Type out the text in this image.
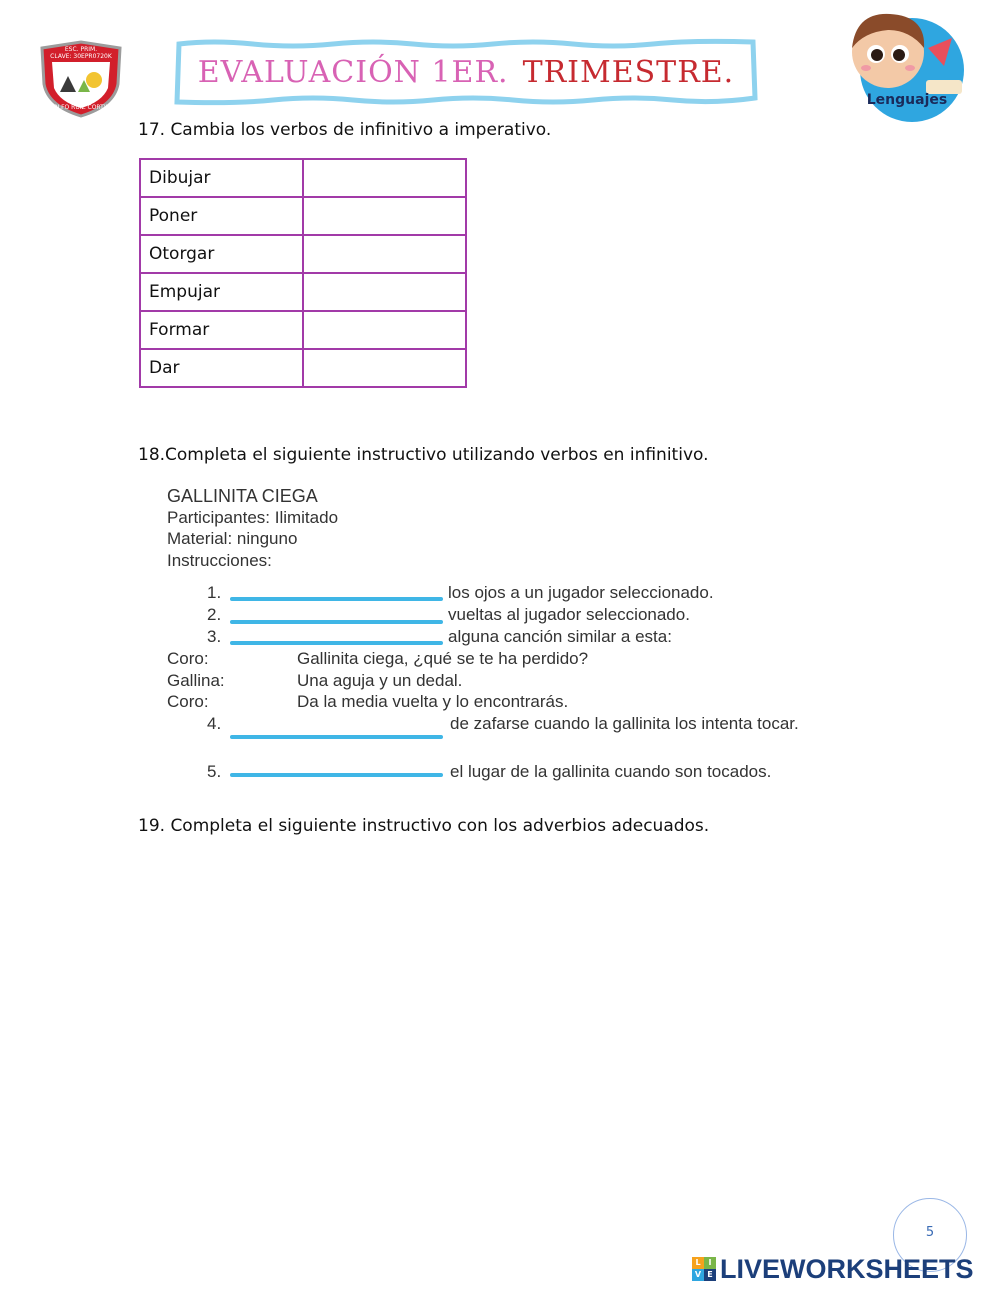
ESC. PRIM.
CLAVE: 30EPR0720K
ADOLFO RUIZ CORTINES
EVALUACIÓN 1ER. TRIMESTRE.
Lenguajes
17. Cambia los verbos de infinitivo a imperativo.
Dibujar	
Poner	
Otorgar	
Empujar	
Formar	
Dar	
18.Completa el siguiente instructivo utilizando verbos en infinitivo.
GALLINITA CIEGA
Participantes: Ilimitado
Material: ninguno
Instrucciones:
1.	los ojos a un jugador seleccionado.
2.	vueltas al jugador seleccionado.
3.	alguna canción similar a esta:
Coro:	Gallinita ciega, ¿qué se te ha perdido?
Gallina:	Una aguja y un dedal.
Coro:	Da la media vuelta y lo encontrarás.
4.	de zafarse cuando la gallinita los intenta tocar.
5.	el lugar de la gallinita cuando son tocados.
19. Completa el siguiente instructivo con los adverbios adecuados.
5
L I
V E LIVEWORKSHEETS
